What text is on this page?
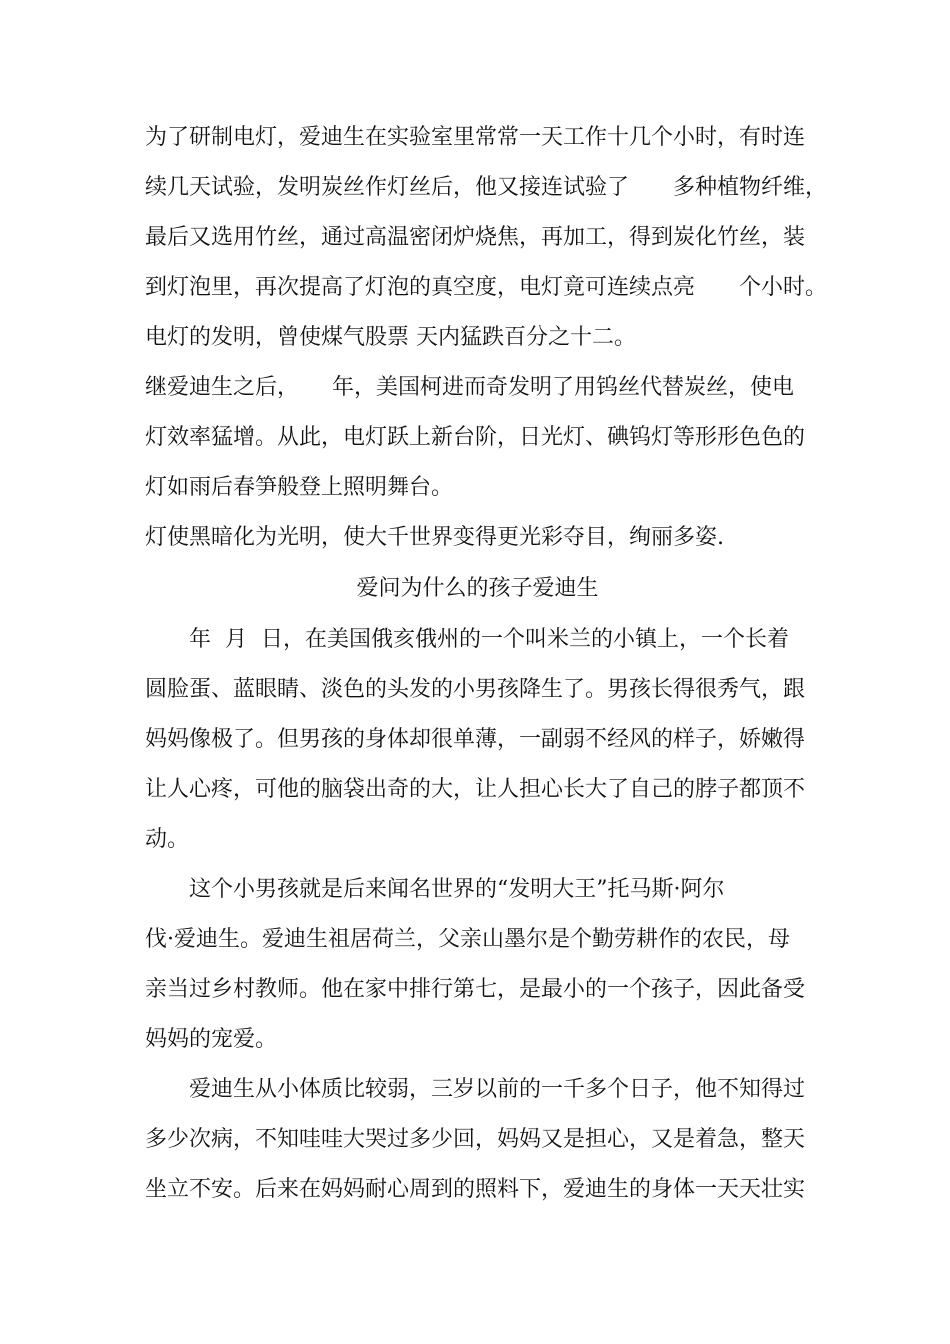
为了研制电灯，爱迪生在实验室里常常一天工作十几个小时，有时连
续几天试验，发明炭丝作灯丝后，他又接连试验了　　多种植物纤维，
最后又选用竹丝，通过高温密闭炉烧焦，再加工，得到炭化竹丝，装
到灯泡里，再次提高了灯泡的真空度，电灯竟可连续点亮　　个小时。
电灯的发明，曾使煤气股票 天内猛跌百分之十二。
继爱迪生之后，　　年，美国柯进而奇发明了用钨丝代替炭丝，使电
灯效率猛增。从此，电灯跃上新台阶，日光灯、碘钨灯等形形色色的
灯如雨后春笋般登上照明舞台。
灯使黑暗化为光明，使大千世界变得更光彩夺目，绚丽多姿.
爱问为什么的孩子爱迪生
年  月  日，在美国俄亥俄州的一个叫米兰的小镇上，一个长着
圆脸蛋、蓝眼睛、淡色的头发的小男孩降生了。男孩长得很秀气，跟
妈妈像极了。但男孩的身体却很单薄，一副弱不经风的样子，娇嫩得
让人心疼，可他的脑袋出奇的大，让人担心长大了自己的脖子都顶不
动。
这个小男孩就是后来闻名世界的“发明大王”托马斯·阿尔
伐·爱迪生。爱迪生祖居荷兰，父亲山墨尔是个勤劳耕作的农民，母
亲当过乡村教师。他在家中排行第七，是最小的一个孩子，因此备受
妈妈的宠爱。
爱迪生从小体质比较弱，三岁以前的一千多个日子，他不知得过
多少次病，不知哇哇大哭过多少回，妈妈又是担心，又是着急，整天
坐立不安。后来在妈妈耐心周到的照料下，爱迪生的身体一天天壮实
